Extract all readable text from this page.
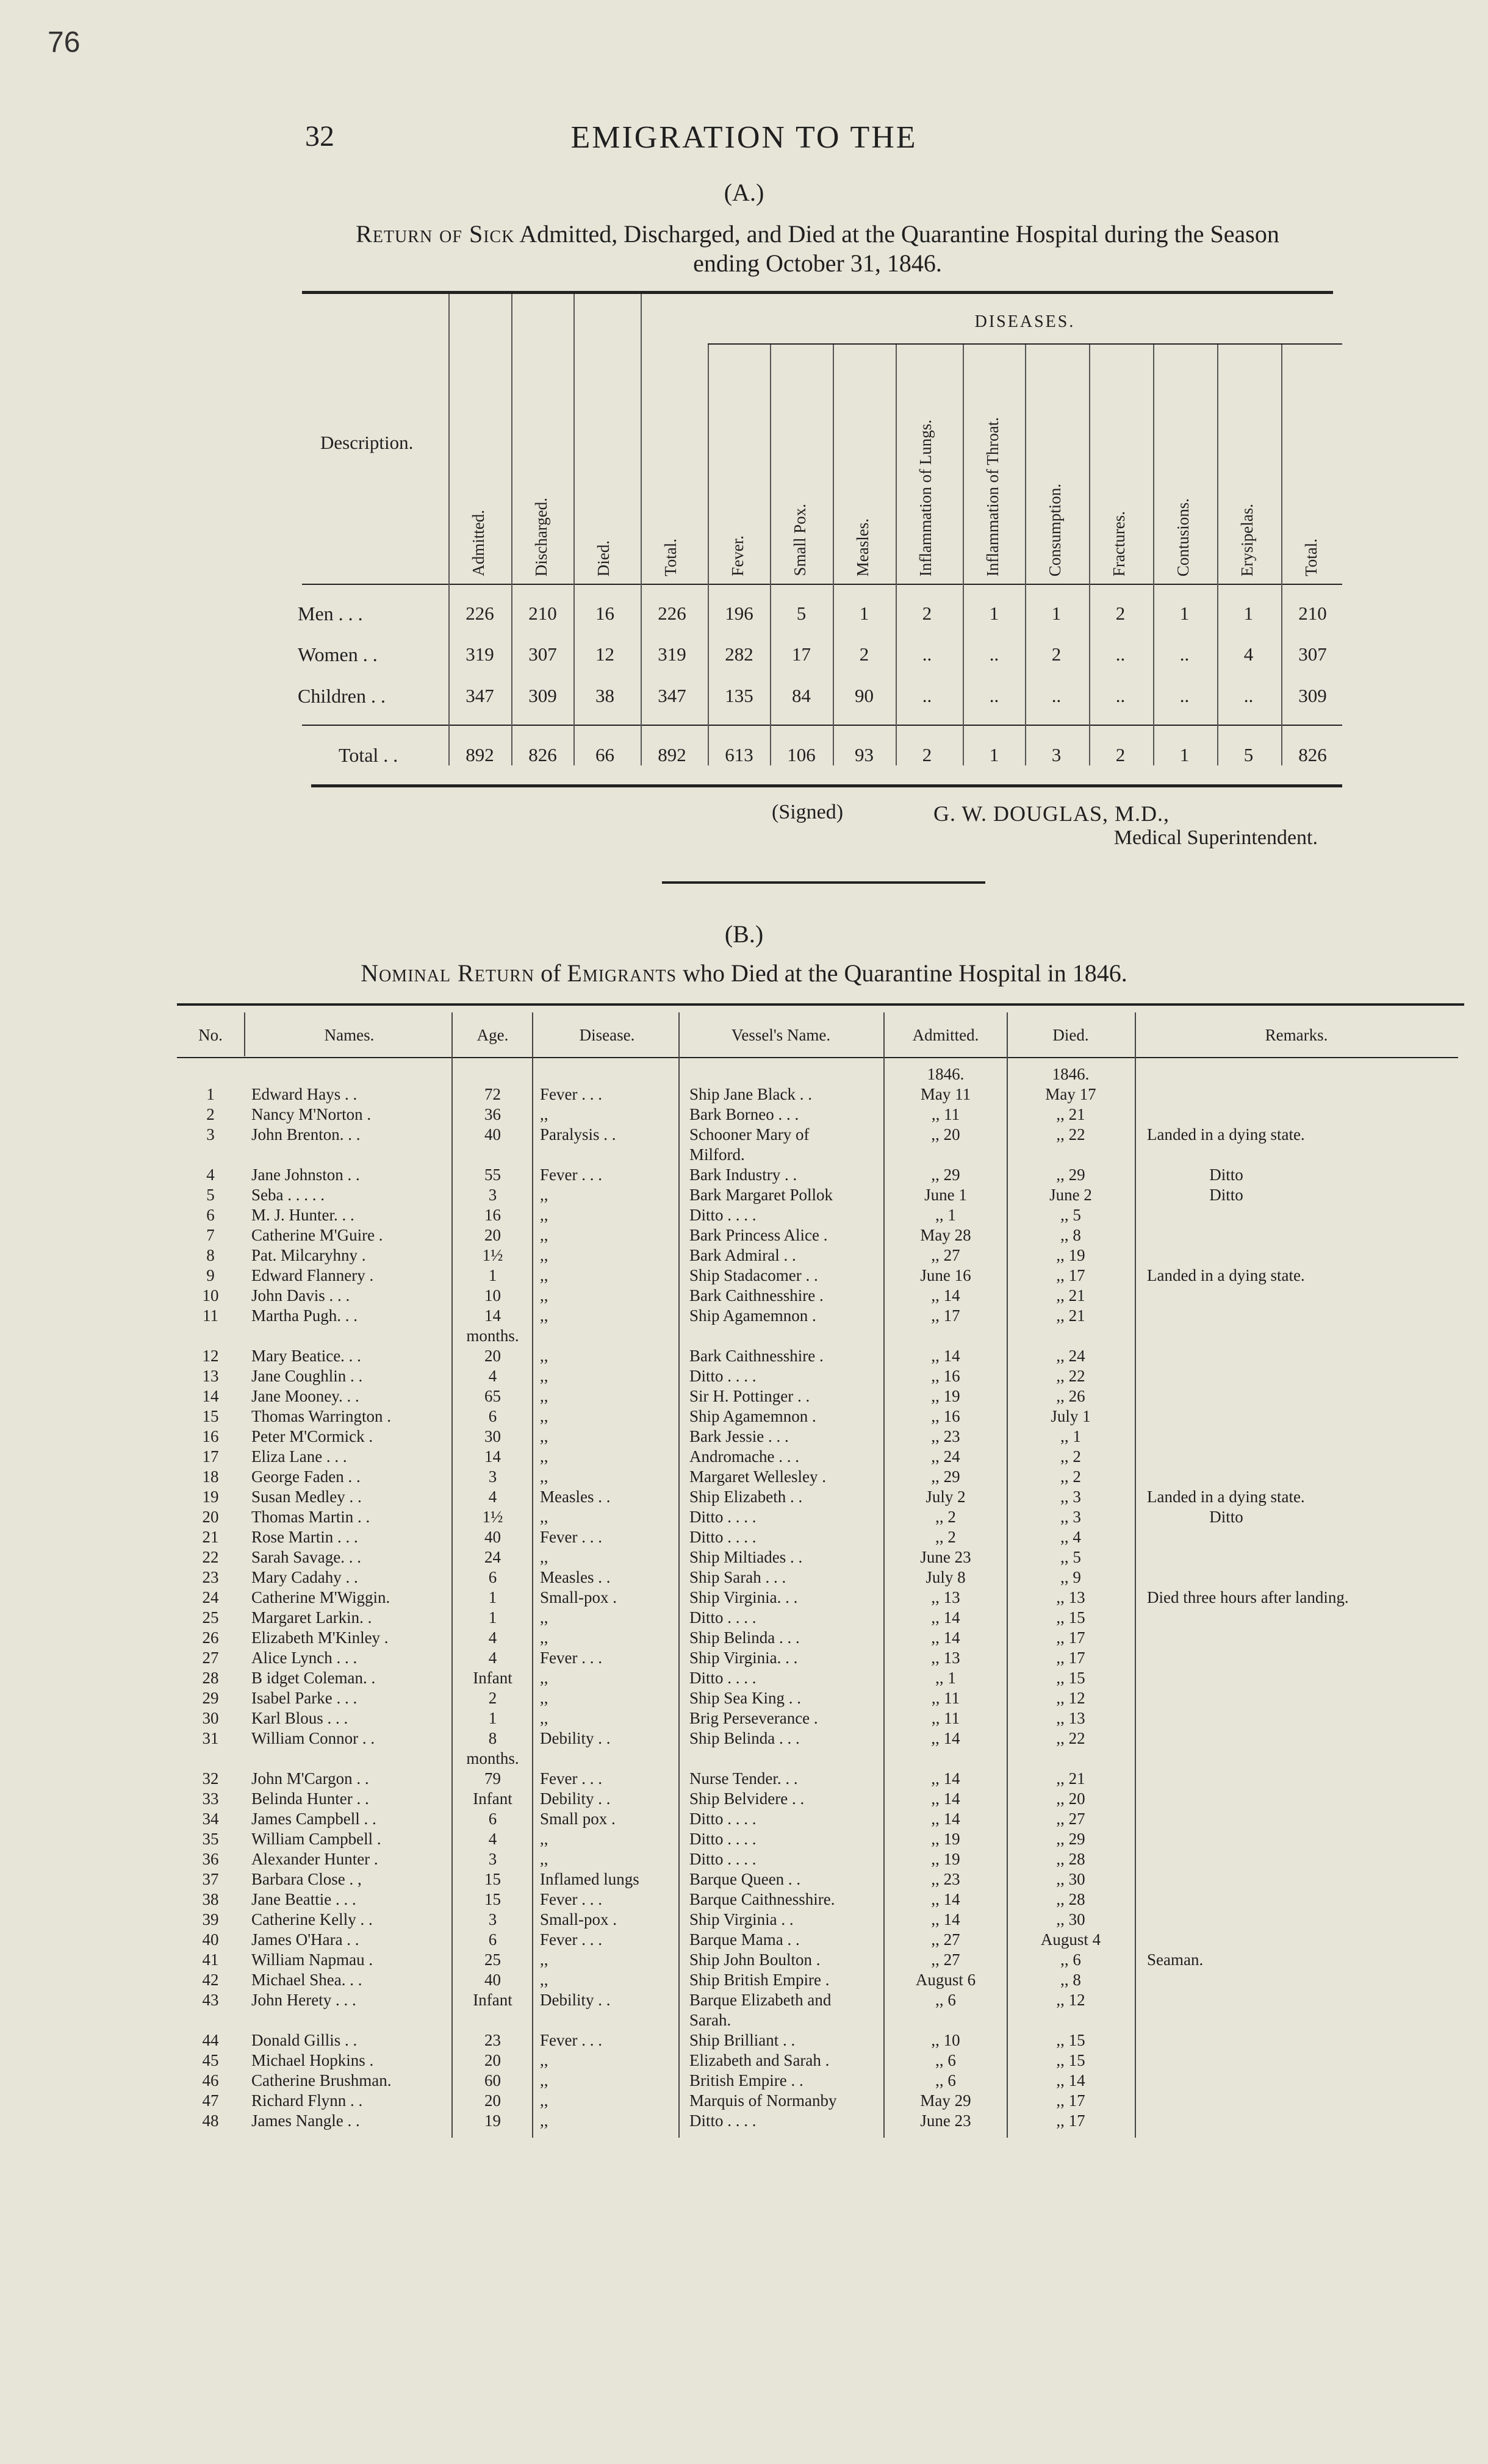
76
32	EMIGRATION TO THE
(A.)
Return of Sick Admitted, Discharged, and Died at the Quarantine Hospital during the Season
ending October 31, 1846.
Description.
DISEASES.
Admitted.	Discharged.	Died.	Total.	Fever.	Small Pox.	Measles.	Inflammation of Lungs.	Inflammation of Throat.	Consumption.	Fractures.	Contusions.	Erysipelas.	Total.
Men . . .	226	210	16	226	196	5	1	2	1	1	2	1	1	210
Women . .	319	307	12	319	282	17	2	..	..	2	..	..	4	307
Children . .	347	309	38	347	135	84	90	..	..	..	..	..	..	309
Total . .	892	826	66	892	613	106	93	2	1	3	2	1	5	826
(Signed)	G. W. DOUGLAS, M.D.,
Medical Superintendent.
(B.)
Nominal Return of Emigrants who Died at the Quarantine Hospital in 1846.
No.	Names.	Age.	Disease.	Vessel's Name.	Admitted.	Died.	Remarks.
1846.	1846.
1	Edward Hays . .	72	Fever . . .	Ship Jane Black . .	May 11	May 17
2	Nancy M'Norton .	36	,,	Bark Borneo . . .	,, 11	,, 21
3	John Brenton. . .	40	Paralysis . .	Schooner Mary of	,, 20	,, 22	Landed in a dying state.
Milford.
4	Jane Johnston . .	55	Fever . . .	Bark Industry . .	,, 29	,, 29	Ditto
5	Seba . . . . .	3	,,	Bark Margaret Pollok	June 1	June 2	Ditto
6	M. J. Hunter. . .	16	,,	Ditto . . . .	,, 1	,, 5
7	Catherine M'Guire .	20	,,	Bark Princess Alice .	May 28	,, 8
8	Pat. Milcaryhny .	1½	,,	Bark Admiral . .	,, 27	,, 19
9	Edward Flannery .	1	,,	Ship Stadacomer . .	June 16	,, 17	Landed in a dying state.
10	John Davis . . .	10	,,	Bark Caithnesshire .	,, 14	,, 21
11	Martha Pugh. . .	14	,,	Ship Agamemnon .	,, 17	,, 21
months.
12	Mary Beatice. . .	20	,,	Bark Caithnesshire .	,, 14	,, 24
13	Jane Coughlin . .	4	,,	Ditto . . . .	,, 16	,, 22
14	Jane Mooney. . .	65	,,	Sir H. Pottinger . .	,, 19	,, 26
15	Thomas Warrington .	6	,,	Ship Agamemnon .	,, 16	July 1
16	Peter M'Cormick .	30	,,	Bark Jessie . . .	,, 23	,, 1
17	Eliza Lane . . .	14	,,	Andromache . . .	,, 24	,, 2
18	George Faden . .	3	,,	Margaret Wellesley .	,, 29	,, 2
19	Susan Medley . .	4	Measles . .	Ship Elizabeth . .	July 2	,, 3	Landed in a dying state.
20	Thomas Martin . .	1½	,,	Ditto . . . .	,, 2	,, 3	Ditto
21	Rose Martin . . .	40	Fever . . .	Ditto . . . .	,, 2	,, 4
22	Sarah Savage. . .	24	,,	Ship Miltiades . .	June 23	,, 5
23	Mary Cadahy . .	6	Measles . .	Ship Sarah . . .	July 8	,, 9
24	Catherine M'Wiggin.	1	Small-pox .	Ship Virginia. . .	,, 13	,, 13	Died three hours after landing.
25	Margaret Larkin. .	1	,,	Ditto . . . .	,, 14	,, 15
26	Elizabeth M'Kinley .	4	,,	Ship Belinda . . .	,, 14	,, 17
27	Alice Lynch . . .	4	Fever . . .	Ship Virginia. . .	,, 13	,, 17
28	B idget Coleman. .	Infant	,,	Ditto . . . .	,, 1	,, 15
29	Isabel Parke . . .	2	,,	Ship Sea King . .	,, 11	,, 12
30	Karl Blous . . .	1	,,	Brig Perseverance .	,, 11	,, 13
31	William Connor . .	8	Debility . .	Ship Belinda . . .	,, 14	,, 22
months.
32	John M'Cargon . .	79	Fever . . .	Nurse Tender. . .	,, 14	,, 21
33	Belinda Hunter . .	Infant	Debility . .	Ship Belvidere . .	,, 14	,, 20
34	James Campbell . .	6	Small pox .	Ditto . . . .	,, 14	,, 27
35	William Campbell .	4	,,	Ditto . . . .	,, 19	,, 29
36	Alexander Hunter .	3	,,	Ditto . . . .	,, 19	,, 28
37	Barbara Close . ,	15	Inflamed lungs	Barque Queen . .	,, 23	,, 30
38	Jane Beattie . . .	15	Fever . . .	Barque Caithnesshire.	,, 14	,, 28
39	Catherine Kelly . .	3	Small-pox .	Ship Virginia . .	,, 14	,, 30
40	James O'Hara . .	6	Fever . . .	Barque Mama . .	,, 27	August 4
41	William Napmau .	25	,,	Ship John Boulton .	,, 27	,, 6	Seaman.
42	Michael Shea. . .	40	,,	Ship British Empire .	August 6	,, 8
43	John Herety . . .	Infant	Debility . .	Barque Elizabeth and	,, 6	,, 12
Sarah.
44	Donald Gillis . .	23	Fever . . .	Ship Brilliant . .	,, 10	,, 15
45	Michael Hopkins .	20	,,	Elizabeth and Sarah .	,, 6	,, 15
46	Catherine Brushman.	60	,,	British Empire . .	,, 6	,, 14
47	Richard Flynn . .	20	,,	Marquis of Normanby	May 29	,, 17
48	James Nangle . .	19	,,	Ditto . . . .	June 23	,, 17
